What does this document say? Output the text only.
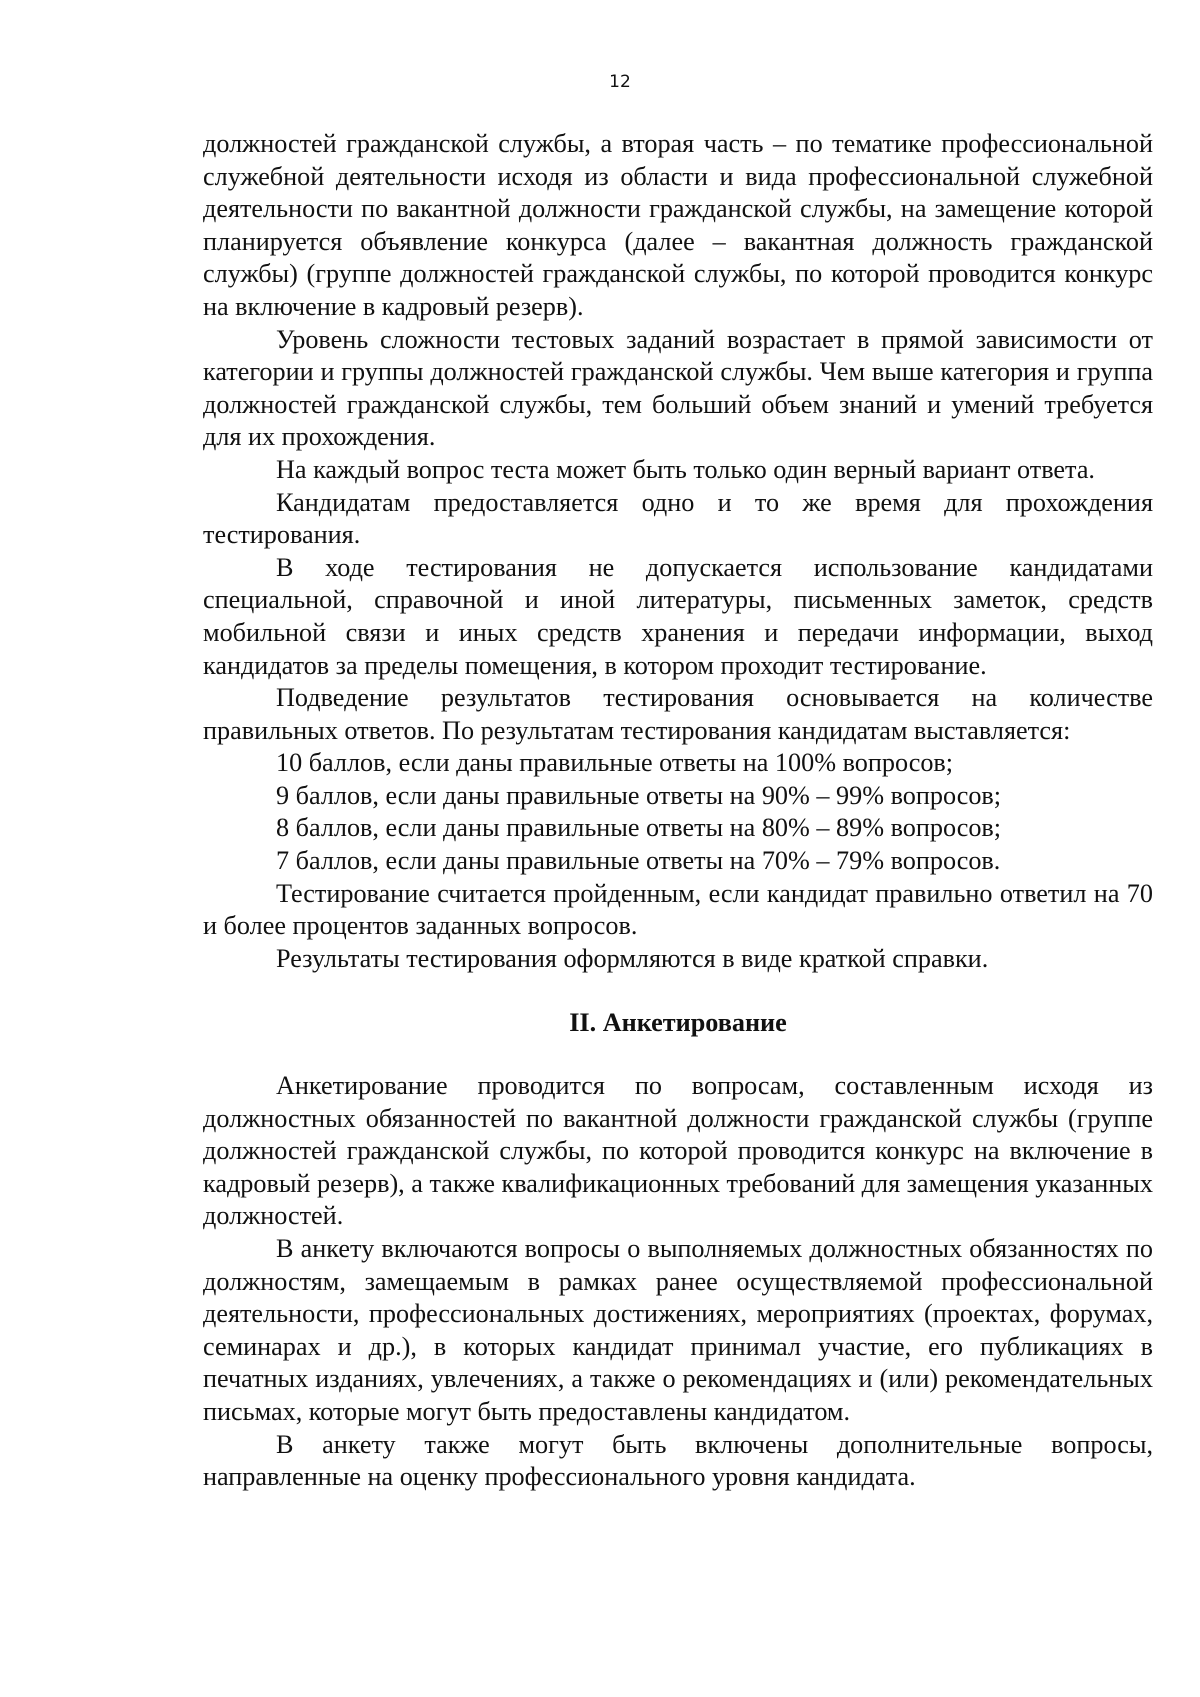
12

должностей гражданской службы, а вторая часть – по тематике профессиональной служебной деятельности исходя из области и вида профессиональной служебной деятельности по вакантной должности гражданской службы, на замещение которой планируется объявление конкурса (далее – вакантная должность гражданской службы) (группе должностей гражданской службы, по которой проводится конкурс на включение в кадровый резерв).

Уровень сложности тестовых заданий возрастает в прямой зависимости от категории и группы должностей гражданской службы. Чем выше категория и группа должностей гражданской службы, тем больший объем знаний и умений требуется для их прохождения.

На каждый вопрос теста может быть только один верный вариант ответа.

Кандидатам предоставляется одно и то же время для прохождения тестирования.

В ходе тестирования не допускается использование кандидатами специальной, справочной и иной литературы, письменных заметок, средств мобильной связи и иных средств хранения и передачи информации, выход кандидатов за пределы помещения, в котором проходит тестирование.

Подведение результатов тестирования основывается на количестве правильных ответов. По результатам тестирования кандидатам выставляется:

10 баллов, если даны правильные ответы на 100% вопросов;

9 баллов, если даны правильные ответы на 90% – 99% вопросов;

8 баллов, если даны правильные ответы на 80% – 89% вопросов;

7 баллов, если даны правильные ответы на 70% – 79% вопросов.

Тестирование считается пройденным, если кандидат правильно ответил на 70 и более процентов заданных вопросов.

Результаты тестирования оформляются в виде краткой справки.

II. Анкетирование

Анкетирование проводится по вопросам, составленным исходя из должностных обязанностей по вакантной должности гражданской службы (группе должностей гражданской службы, по которой проводится конкурс на включение в кадровый резерв), а также квалификационных требований для замещения указанных должностей.

В анкету включаются вопросы о выполняемых должностных обязанностях по должностям, замещаемым в рамках ранее осуществляемой профессиональной деятельности, профессиональных достижениях, мероприятиях (проектах, форумах, семинарах и др.), в которых кандидат принимал участие, его публикациях в печатных изданиях, увлечениях, а также о рекомендациях и (или) рекомендательных письмах, которые могут быть предоставлены кандидатом.

В анкету также могут быть включены дополнительные вопросы, направленные на оценку профессионального уровня кандидата.
